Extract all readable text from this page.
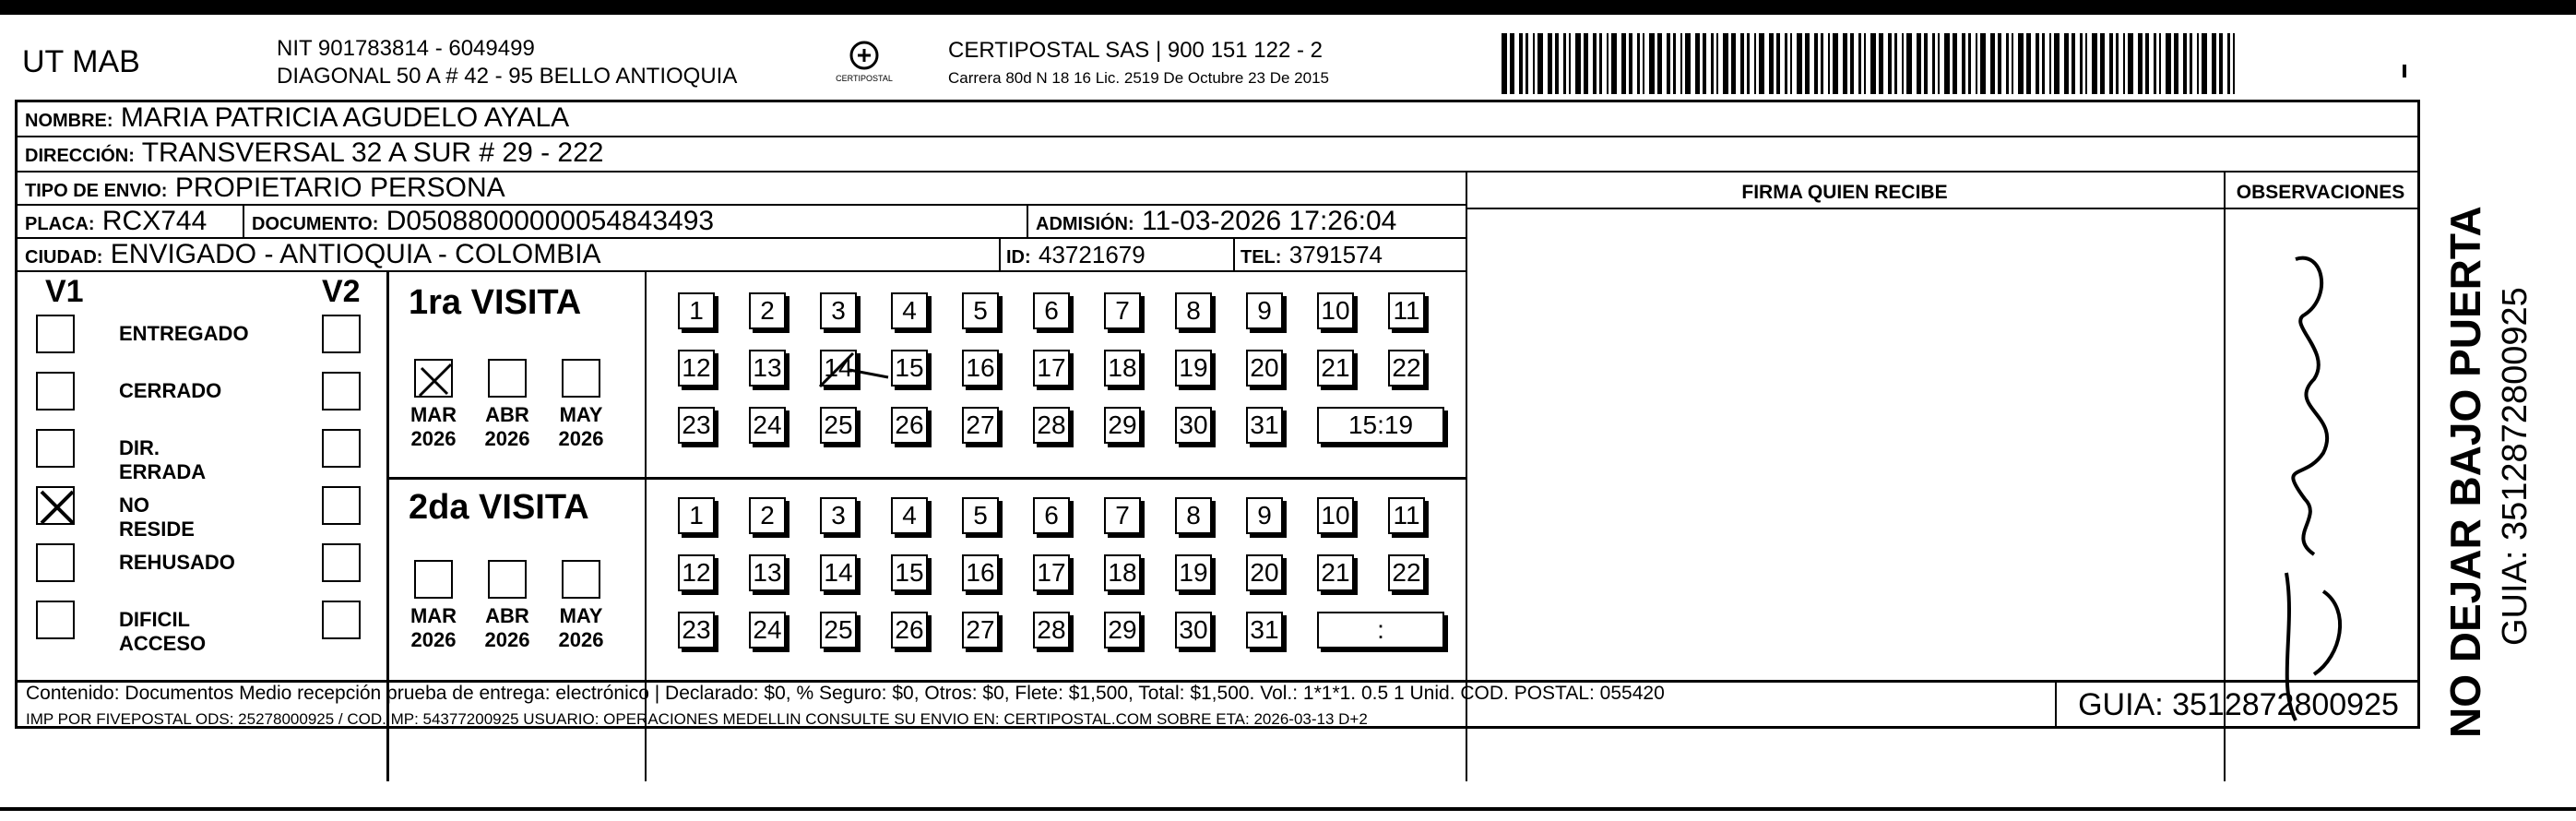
UT MAB	NIT 901783814 - 6049499
DIAGONAL 50 A # 42 - 95 BELLO ANTIOQUIA	CERTIPOSTAL
CERTIPOSTAL SAS | 900 151 122 - 2
Carrera 80d N 18 16 Lic. 2519 De Octubre 23 De 2015
NOMBRE: MARIA PATRICIA AGUDELO AYALA
DIRECCIÓN: TRANSVERSAL 32 A SUR # 29 - 222
TIPO DE ENVIO: PROPIETARIO PERSONA	FIRMA QUIEN RECIBE	OBSERVACIONES
PLACA: RCX744 DOCUMENTO: D05088000000054843493	ADMISIÓN: 11-03-2026 17:26:04
CIUDAD: ENVIGADO - ANTIOQUIA - COLOMBIA	ID: 43721679	TEL: 3791574
V1	V2
ENTREGADO
CERRADO
DIR. ERRADA
NO RESIDE
REHUSADO
DIFICIL ACCESO
1ra VISITA
MAR
2026
ABR
2026
MAY
2026
1	2	3	4	5	6	7	8	9	10 11
12 13 14 15 16 17 18 19 20 21 22
23 24 25 26 27 28 29 30 31	15:19
2da VISITA
MAR
2026
ABR
2026
MAY
2026
1	2	3	4	5	6	7	8	9	10 11
12 13 14 15 16 17 18 19 20 21 22
23 24 25 26 27 28 29 30 31	:
Contenido: Documentos Medio recepción prueba de entrega: electrónico | Declarado: $0, % Seguro: $0, Otros: $0, Flete: $1,500, Total: $1,500. Vol.: 1*1*1. 0.5 1 Unid. COD. POSTAL: 055420
IMP POR FIVEPOSTAL ODS: 25278000925 / COD.IMP: 54377200925 USUARIO: OPERACIONES MEDELLIN CONSULTE SU ENVIO EN: CERTIPOSTAL.COM SOBRE ETA: 2026-03-13 D+2	GUIA: 3512872800925	NO DEJAR BAJO PUERTA GUIA: 3512872800925
